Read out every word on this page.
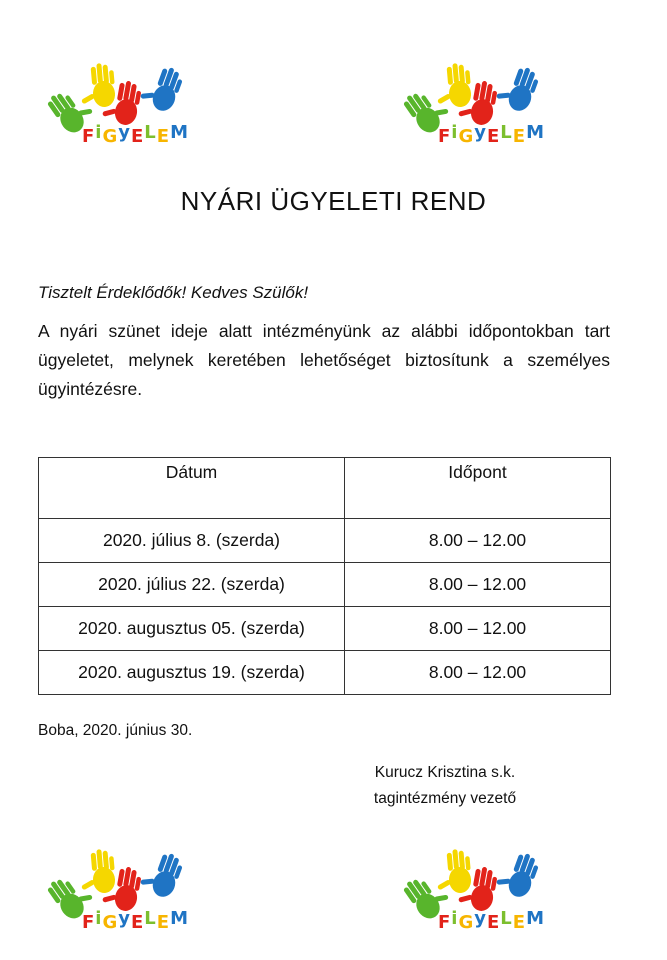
FiGyELEM	FiGyELEM
NYÁRI ÜGYELETI REND
Tisztelt Érdeklődők! Kedves Szülők!
A nyári szünet ideje alatt intézményünk az alábbi időpontokban tart ügyeletet, melynek keretében lehetőséget biztosítunk a személyes ügyintézésre.
Dátum	Időpont
2020. július 8. (szerda)	8.00 – 12.00
2020. július 22. (szerda)	8.00 – 12.00
2020. augusztus 05. (szerda)	8.00 – 12.00
2020. augusztus 19. (szerda)	8.00 – 12.00
Boba, 2020. június 30.
Kurucz Krisztina s.k.
tagintézmény vezető
FiGyELEM	FiGyELEM
